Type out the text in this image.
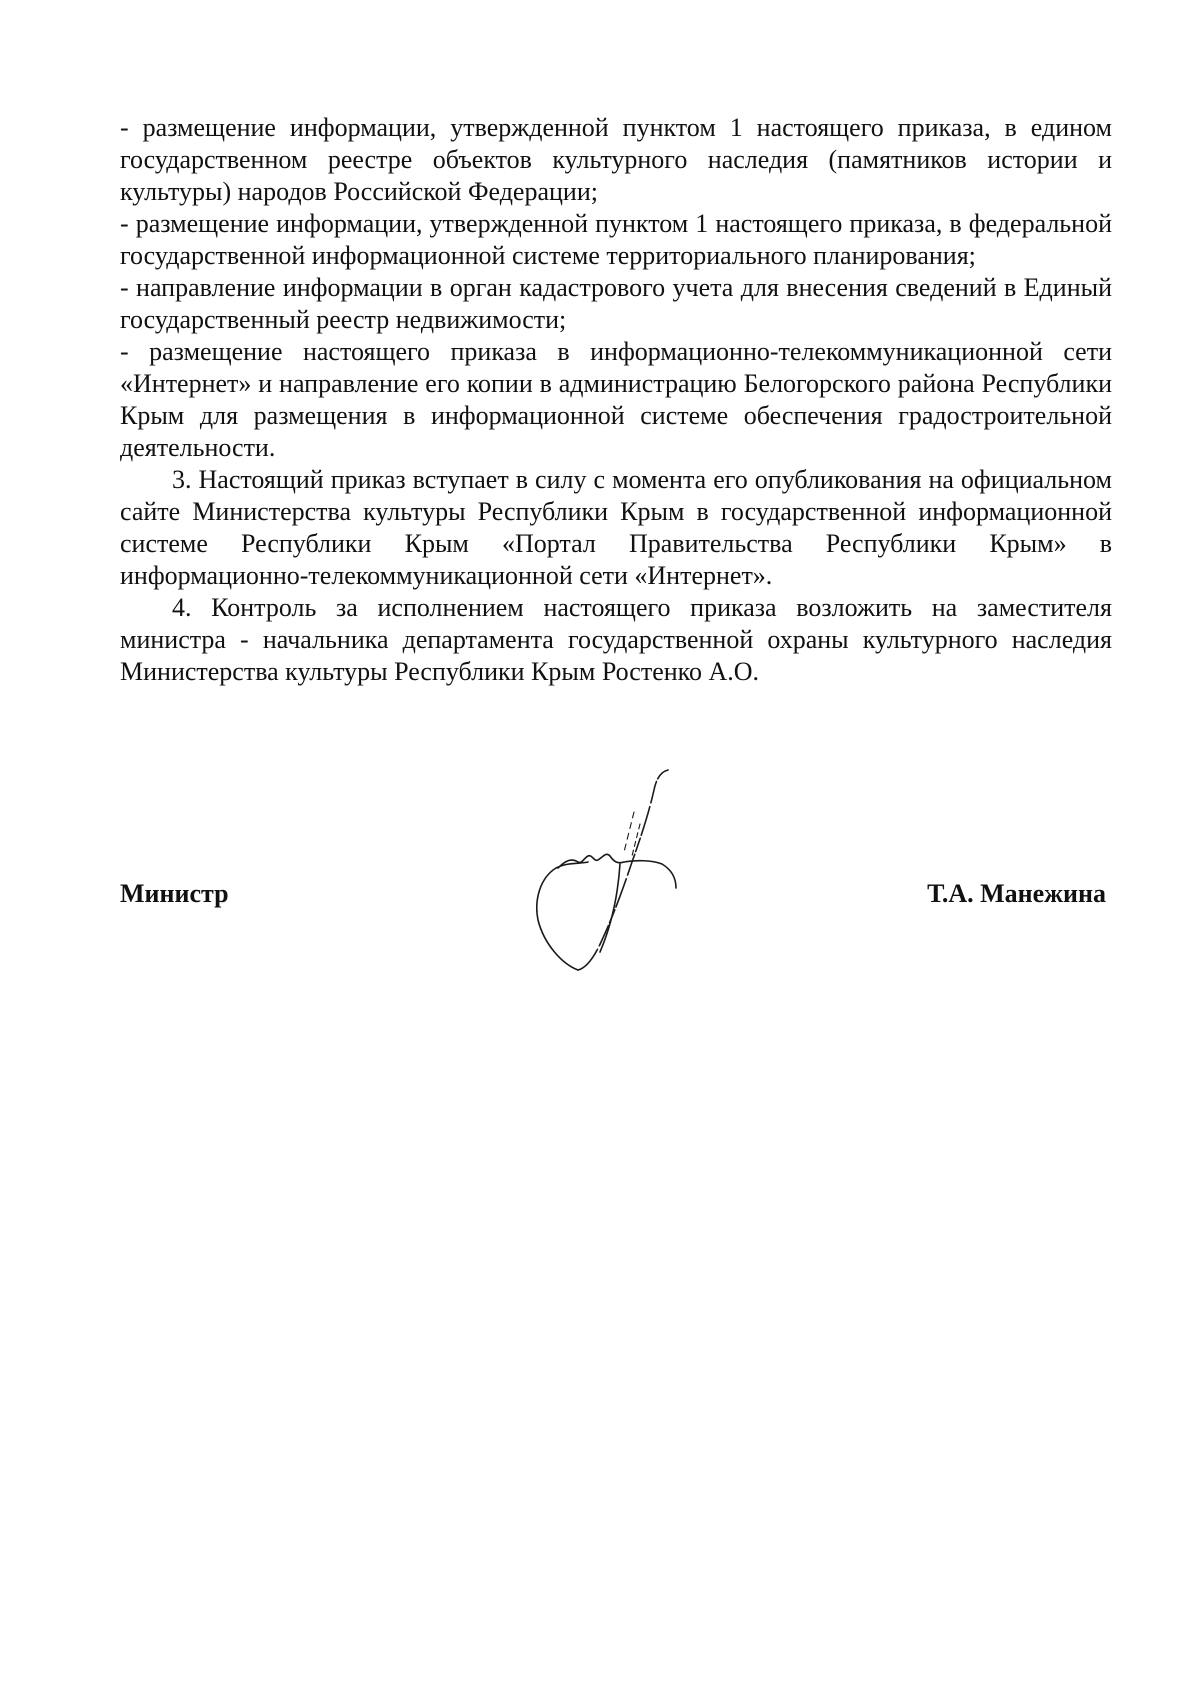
- размещение информации, утвержденной пунктом 1 настоящего приказа, в едином государственном реестре объектов культурного наследия (памятников истории и культуры) народов Российской Федерации;

- размещение информации, утвержденной пунктом 1 настоящего приказа, в федеральной государственной информационной системе территориального планирования;

- направление информации в орган кадастрового учета для внесения сведений в Единый государственный реестр недвижимости;

- размещение настоящего приказа в информационно-телекоммуникационной сети «Интернет» и направление его копии в администрацию Белогорского района Республики Крым для размещения в информационной системе обеспечения градостроительной деятельности.

3. Настоящий приказ вступает в силу с момента его опубликования на официальном сайте Министерства культуры Республики Крым в государственной информационной системе Республики Крым «Портал Правительства Республики Крым» в информационно-телекоммуникационной сети «Интернет».

4. Контроль за исполнением настоящего приказа возложить на заместителя министра - начальника департамента государственной охраны культурного наследия Министерства культуры Республики Крым Ростенко А.О.

Министр	Т.А. Манежина
